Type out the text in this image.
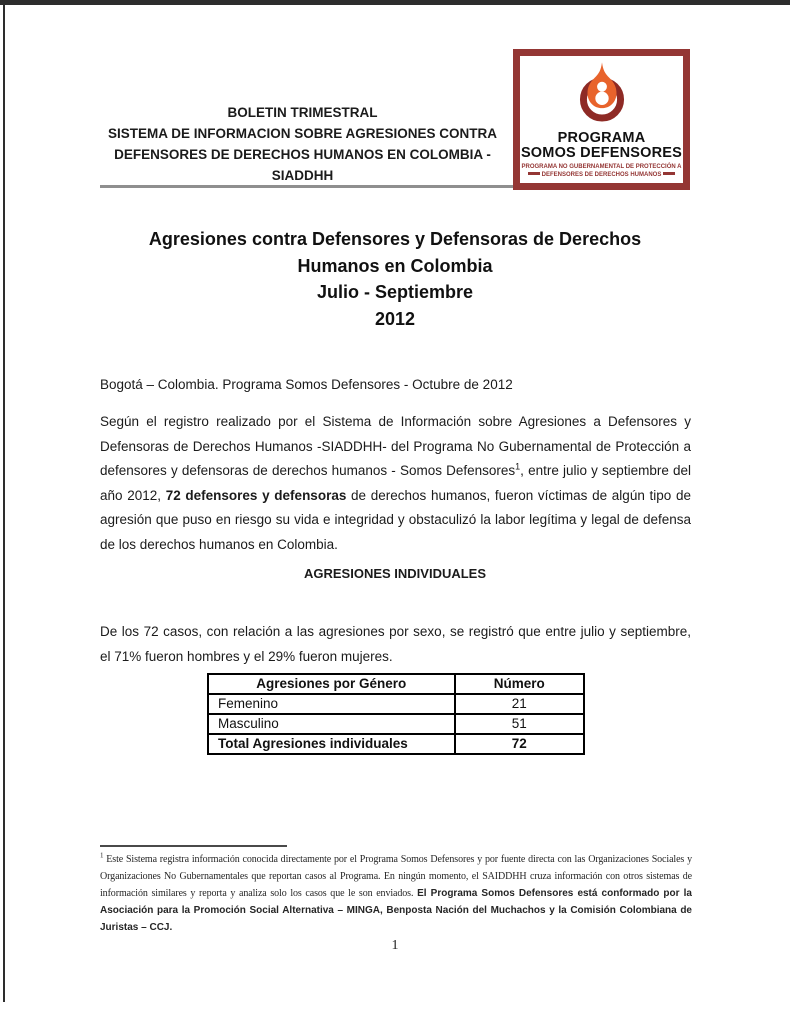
BOLETIN TRIMESTRAL
SISTEMA DE INFORMACION SOBRE AGRESIONES CONTRA
DEFENSORES DE DERECHOS HUMANOS EN COLOMBIA -
SIADDHH
PROGRAMA
SOMOS DEFENSORES
PROGRAMA NO GUBERNAMENTAL DE PROTECCIÓN A
DEFENSORES DE DERECHOS HUMANOS
Agresiones contra Defensores y Defensoras de Derechos
Humanos en Colombia
Julio - Septiembre
2012
Bogotá – Colombia. Programa Somos Defensores - Octubre de 2012

Según el registro realizado por el Sistema de Información sobre Agresiones a Defensores y Defensoras de Derechos Humanos -SIADDHH- del Programa No Gubernamental de Protección a defensores y defensoras de derechos humanos - Somos Defensores$^1$, entre julio y septiembre del año 2012, 72 defensores y defensoras de derechos humanos, fueron víctimas de algún tipo de agresión que puso en riesgo su vida e integridad y obstaculizó la labor legítima y legal de defensa de los derechos humanos en Colombia.

AGRESIONES INDIVIDUALES

De los 72 casos, con relación a las agresiones por sexo, se registró que entre julio y septiembre, el 71% fueron hombres y el 29% fueron mujeres.

Agresiones por Género	Número
Femenino	21
Masculino	51
Total Agresiones individuales	72

$^1$ Este Sistema registra información conocida directamente por el Programa Somos Defensores y por fuente directa con las Organizaciones Sociales y Organizaciones No Gubernamentales que reportan casos al Programa. En ningún momento, el SAIDDHH cruza información con otros sistemas de información similares y reporta y analiza solo los casos que le son enviados. El Programa Somos Defensores está conformado por la Asociación para la Promoción Social Alternativa – MINGA, Benposta Nación del Muchachos y la Comisión Colombiana de Juristas – CCJ.

1
